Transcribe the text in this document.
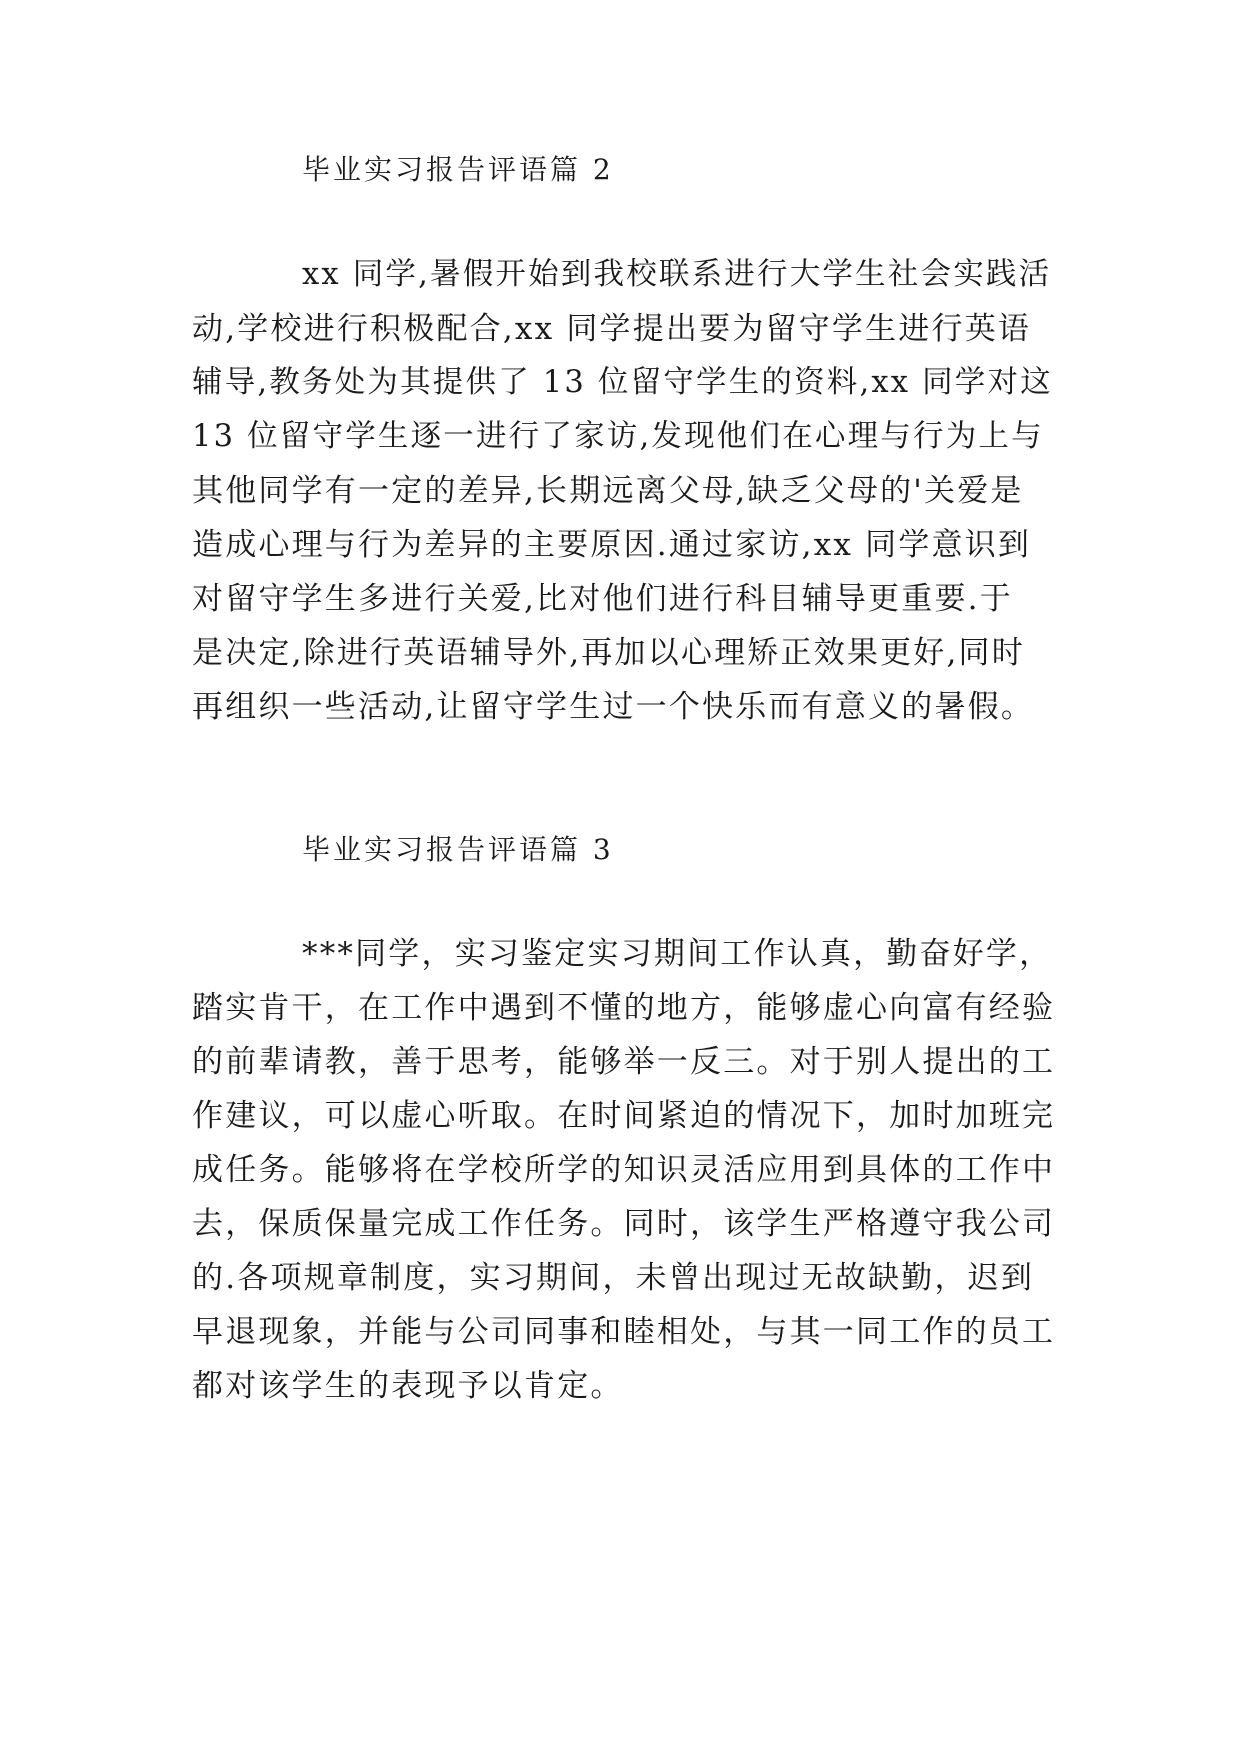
毕业实习报告评语篇 2
xx 同学,暑假开始到我校联系进行大学生社会实践活
动,学校进行积极配合,xx 同学提出要为留守学生进行英语
辅导,教务处为其提供了 13 位留守学生的资料,xx 同学对这
13 位留守学生逐一进行了家访,发现他们在心理与行为上与
其他同学有一定的差异,长期远离父母,缺乏父母的'关爱是
造成心理与行为差异的主要原因.通过家访,xx 同学意识到
对留守学生多进行关爱,比对他们进行科目辅导更重要.于
是决定,除进行英语辅导外,再加以心理矫正效果更好,同时
再组织一些活动,让留守学生过一个快乐而有意义的暑假。
毕业实习报告评语篇 3
***同学，实习鉴定实习期间工作认真，勤奋好学，
踏实肯干，在工作中遇到不懂的地方，能够虚心向富有经验
的前辈请教，善于思考，能够举一反三。对于别人提出的工
作建议，可以虚心听取。在时间紧迫的情况下，加时加班完
成任务。能够将在学校所学的知识灵活应用到具体的工作中
去，保质保量完成工作任务。同时，该学生严格遵守我公司
的.各项规章制度，实习期间，未曾出现过无故缺勤，迟到
早退现象，并能与公司同事和睦相处，与其一同工作的员工
都对该学生的表现予以肯定。
